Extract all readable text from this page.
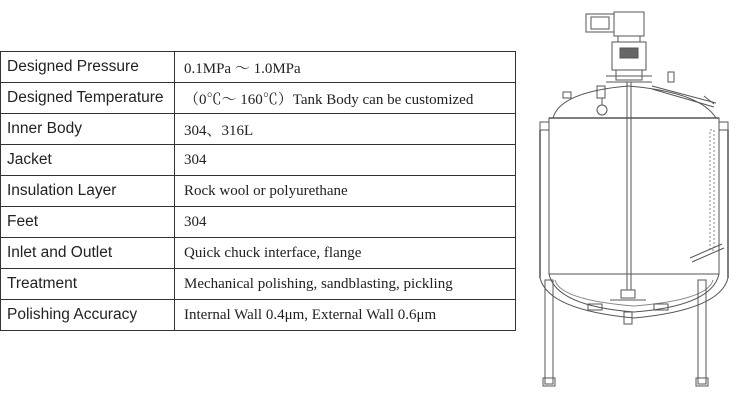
Designed Pressure	0.1MPa ～ 1.0MPa
Designed Temperature	（0℃～ 160℃）Tank Body can be customized
Inner Body	304、316L
Jacket	304
Insulation Layer	Rock wool or polyurethane
Feet	304
Inlet and Outlet	Quick chuck interface, flange
Treatment	Mechanical polishing, sandblasting, pickling
Polishing Accuracy	Internal Wall 0.4μm, External Wall 0.6μm
